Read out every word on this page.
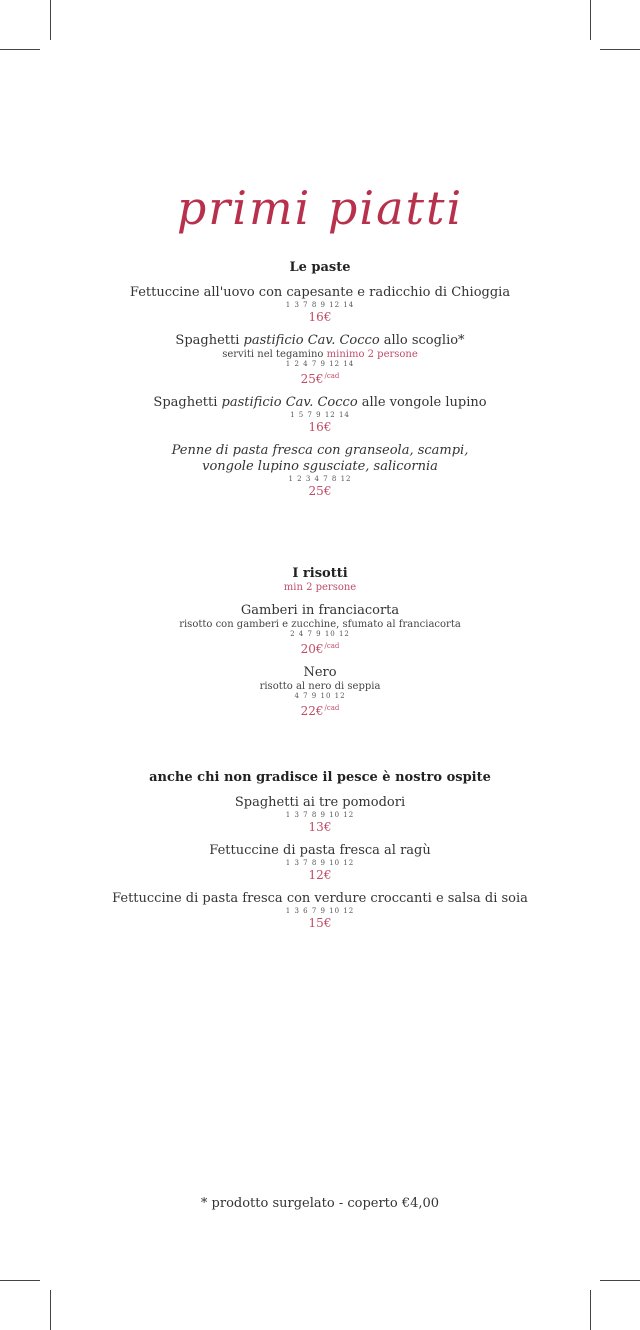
primi piatti
Le paste
Fettuccine all'uovo con capesante e radicchio di Chioggia
1 3 7 8 9 12 14
16€
Spaghetti pastificio Cav. Cocco allo scoglio*
serviti nel tegamino minimo 2 persone
1 2 4 7 9 12 14
25€$^{/cad}$
Spaghetti pastificio Cav. Cocco alle vongole lupino
1 5 7 9 12 14
16€
Penne di pasta fresca con granseola, scampi,
vongole lupino sgusciate, salicornia
1 2 3 4 7 8 12
25€
I risotti
min 2 persone
Gamberi in franciacorta
risotto con gamberi e zucchine, sfumato al franciacorta
2 4 7 9 10 12
20€$^{/cad}$
Nero
risotto al nero di seppia
4 7 9 10 12
22€$^{/cad}$
anche chi non gradisce il pesce è nostro ospite
Spaghetti ai tre pomodori
1 3 7 8 9 10 12
13€
Fettuccine di pasta fresca al ragù
1 3 7 8 9 10 12
12€
Fettuccine di pasta fresca con verdure croccanti e salsa di soia
1 3 6 7 9 10 12
15€
* prodotto surgelato - coperto €4,00
